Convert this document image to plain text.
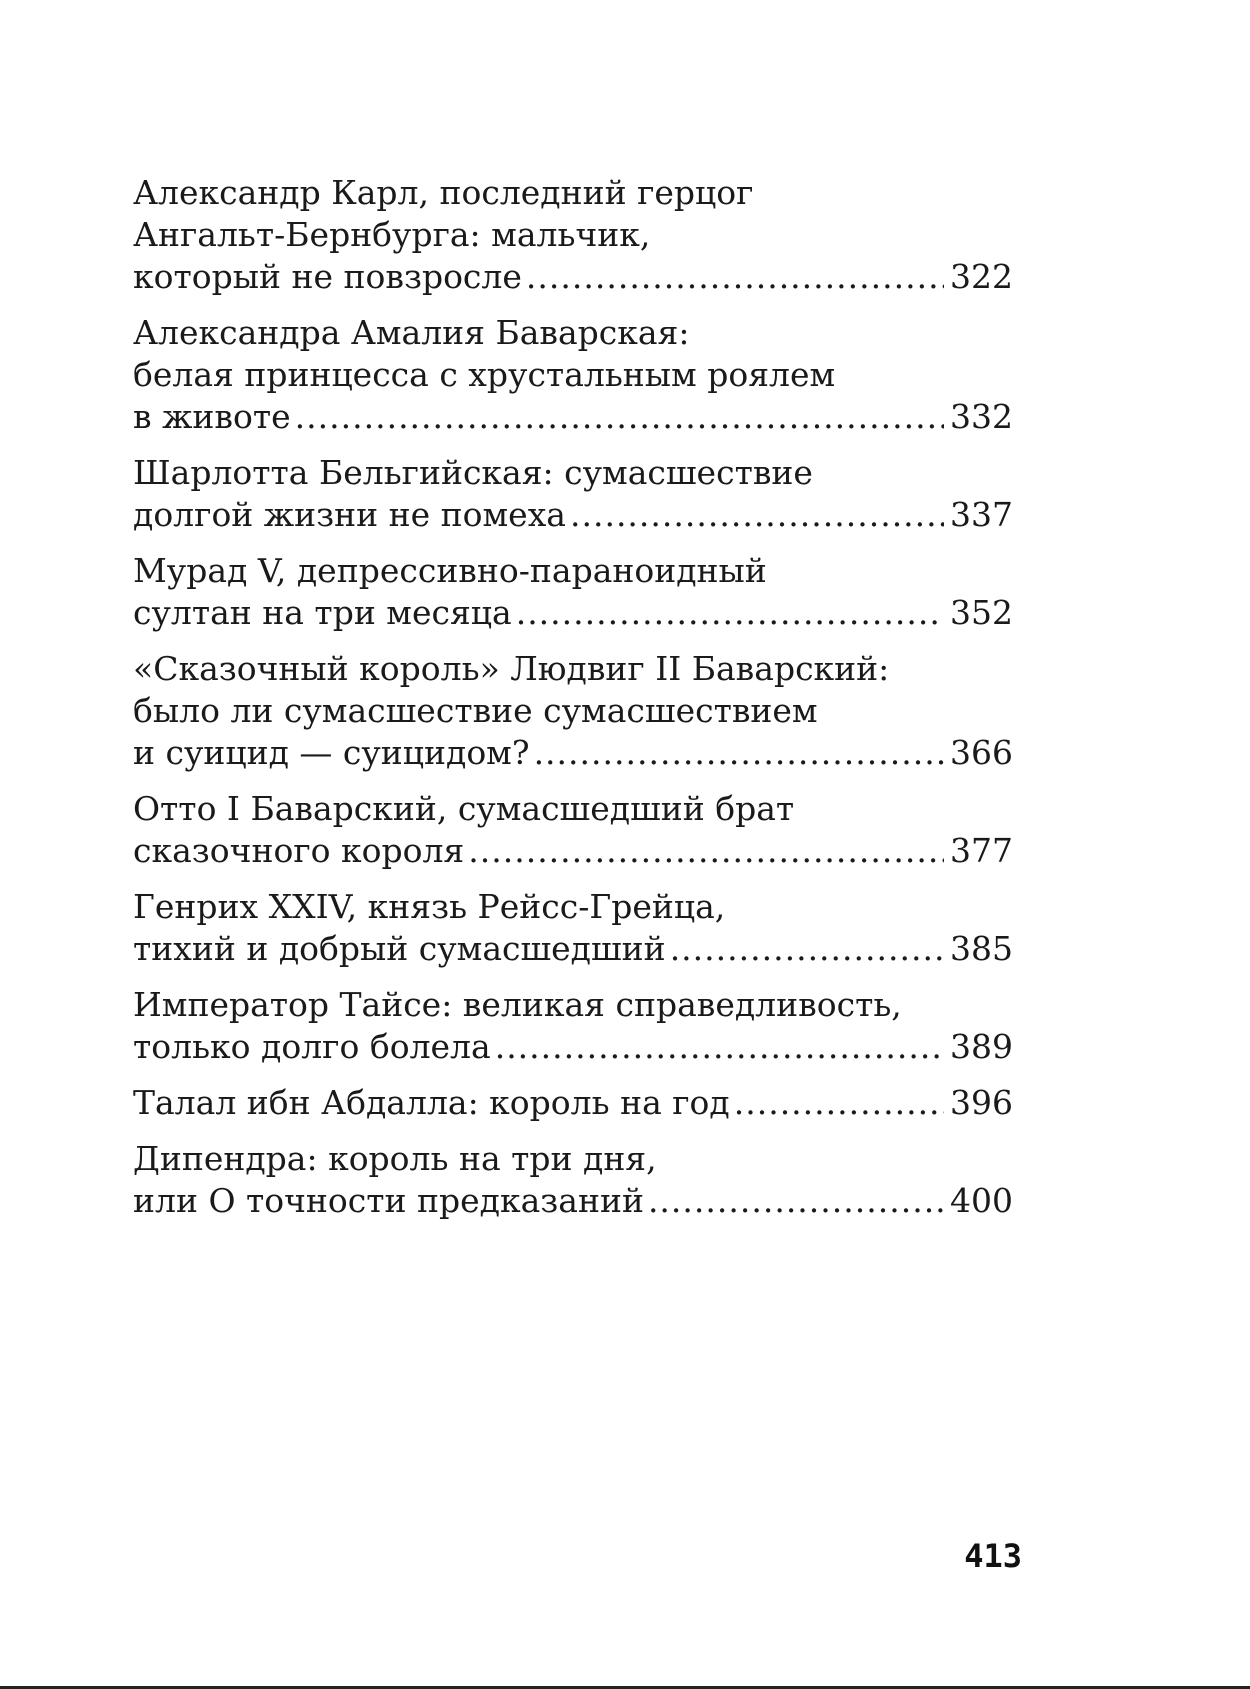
Александр Карл, последний герцог
Ангальт-Бернбурга: мальчик,
который не повзросле .....	322
Александра Амалия Баварская:
белая принцесса с хрустальным роялем
в животе .....	332
Шарлотта Бельгийская: сумасшествие
долгой жизни не помеха .....	337
Мурад V, депрессивно-параноидный
султан на три месяца .....	352
«Сказочный король» Людвиг II Баварский:
было ли сумасшествие сумасшествием
и суицид — суицидом? .....	366
Отто I Баварский, сумасшедший брат
сказочного короля .....	377
Генрих XXIV, князь Рейсс-Грейца,
тихий и добрый сумасшедший .....	385
Император Тайсе: великая справедливость,
только долго болела .....	389
Талал ибн Абдалла: король на год .....	396
Дипендра: король на три дня,
или О точности предказаний .....	400
413
